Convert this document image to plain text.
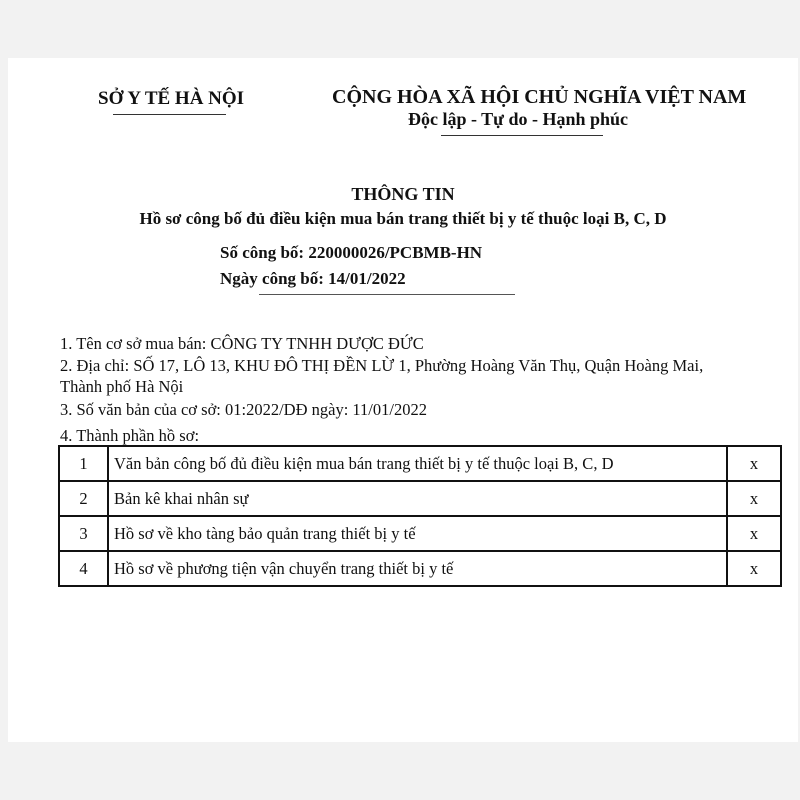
SỞ Y TẾ HÀ NỘI	CỘNG HÒA XÃ HỘI CHỦ NGHĨA VIỆT NAM
Độc lập - Tự do - Hạnh phúc
THÔNG TIN
Hồ sơ công bố đủ điều kiện mua bán trang thiết bị y tế thuộc loại B, C, D
Số công bố: 220000026/PCBMB-HN
Ngày công bố: 14/01/2022
1. Tên cơ sở mua bán: CÔNG TY TNHH DƯỢC ĐỨC
2. Địa chỉ: SỐ 17, LÔ 13, KHU ĐÔ THỊ ĐỀN LỪ 1, Phường Hoàng Văn Thụ, Quận Hoàng Mai,
Thành phố Hà Nội
3. Số văn bản của cơ sở: 01:2022/DĐ ngày: 11/01/2022
4. Thành phần hồ sơ:
1	Văn bản công bố đủ điều kiện mua bán trang thiết bị y tế thuộc loại B, C, D	x
2	Bản kê khai nhân sự	x
3	Hồ sơ về kho tàng bảo quản trang thiết bị y tế	x
4	Hồ sơ về phương tiện vận chuyển trang thiết bị y tế	x
